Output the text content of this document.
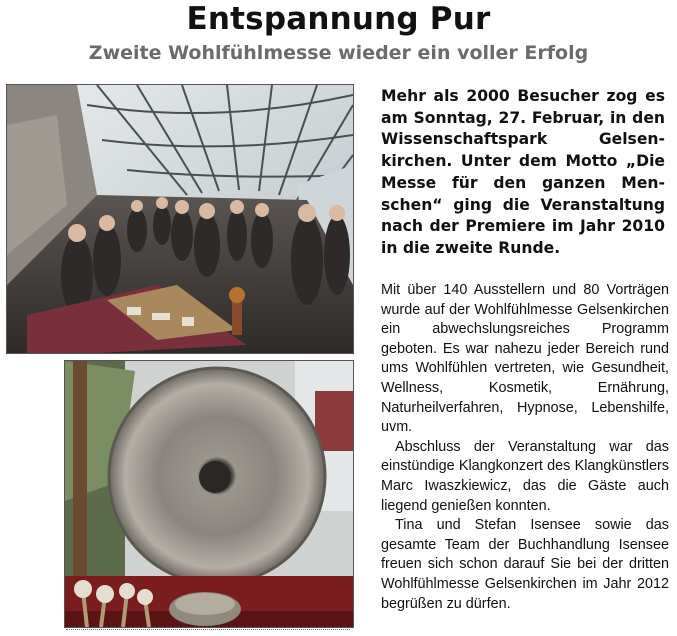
Entspannung Pur
Zweite Wohlfühlmesse wieder ein voller Erfolg

Mehr als 2000 Besucher zog es am Sonntag, 27. Februar, in den Wissenschaftspark Gelsenkirchen. Unter dem Motto „Die Messe für den ganzen Menschen“ ging die Veranstaltung nach der Premiere im Jahr 2010 in die zweite Runde.

Mit über 140 Ausstellern und 80 Vorträgen wurde auf der Wohlfühlmesse Gelsenkirchen ein abwechslungsreiches Programm geboten. Es war nahezu jeder Bereich rund ums Wohlfühlen vertreten, wie Gesundheit, Wellness, Kosmetik, Ernährung, Naturheilverfahren, Hypnose, Lebenshilfe, uvm.

Abschluss der Veranstaltung war das einstündige Klangkonzert des Klangkünstlers Marc Iwaszkiewicz, das die Gäste auch liegend genießen konnten.

Tina und Stefan Isensee sowie das gesamte Team der Buchhandlung Isensee freuen sich schon darauf Sie bei der dritten Wohlfühlmesse Gelsenkirchen im Jahr 2012 begrüßen zu dürfen.
